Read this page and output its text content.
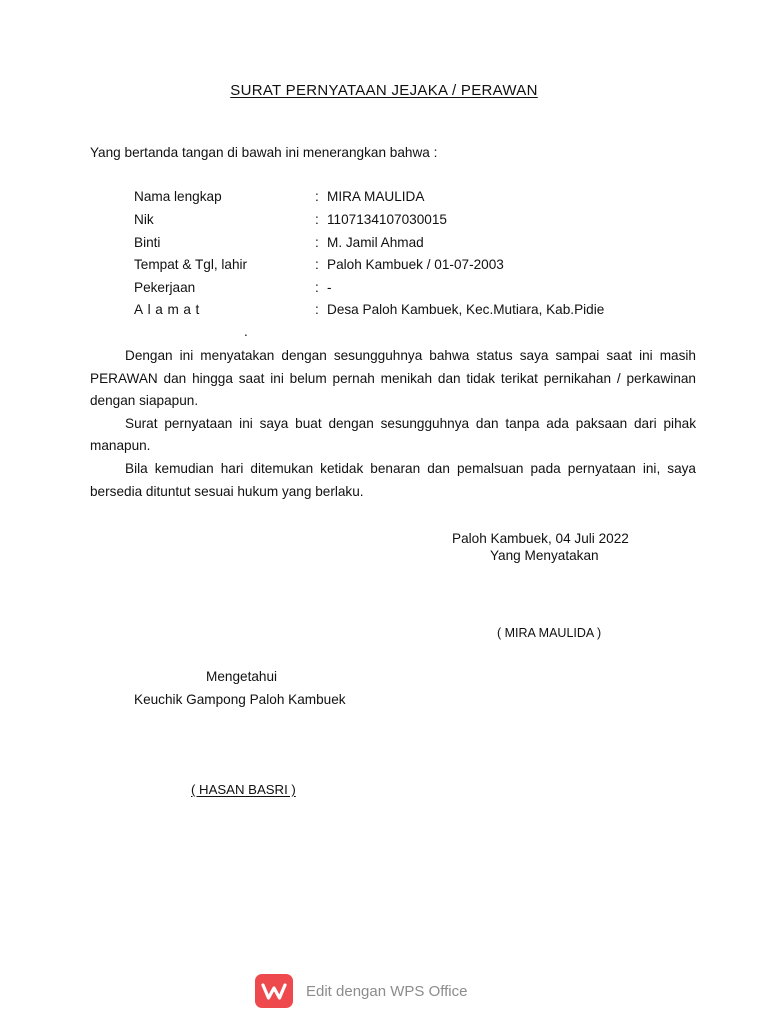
SURAT PERNYATAAN JEJAKA / PERAWAN
Yang bertanda tangan di bawah ini menerangkan bahwa :
Nama lengkap	: MIRA MAULIDA
Nik	: 1107134107030015
Binti	: M. Jamil Ahmad
Tempat & Tgl, lahir	: Paloh Kambuek / 01-07-2003
Pekerjaan	: -
Alamat	: Desa Paloh Kambuek, Kec.Mutiara, Kab.Pidie
.

Dengan ini menyatakan dengan sesungguhnya bahwa status saya sampai saat ini masih PERAWAN dan hingga saat ini belum pernah menikah dan tidak terikat pernikahan / perkawinan dengan siapapun.

Surat pernyataan ini saya buat dengan sesungguhnya dan tanpa ada paksaan dari pihak manapun.

Bila kemudian hari ditemukan ketidak benaran dan pemalsuan pada pernyataan ini, saya bersedia dituntut sesuai hukum yang berlaku.

Paloh Kambuek, 04 Juli 2022
Yang Menyatakan
( MIRA MAULIDA )
Mengetahui
Keuchik Gampong Paloh Kambuek
( HASAN BASRI )
Edit dengan WPS Office
